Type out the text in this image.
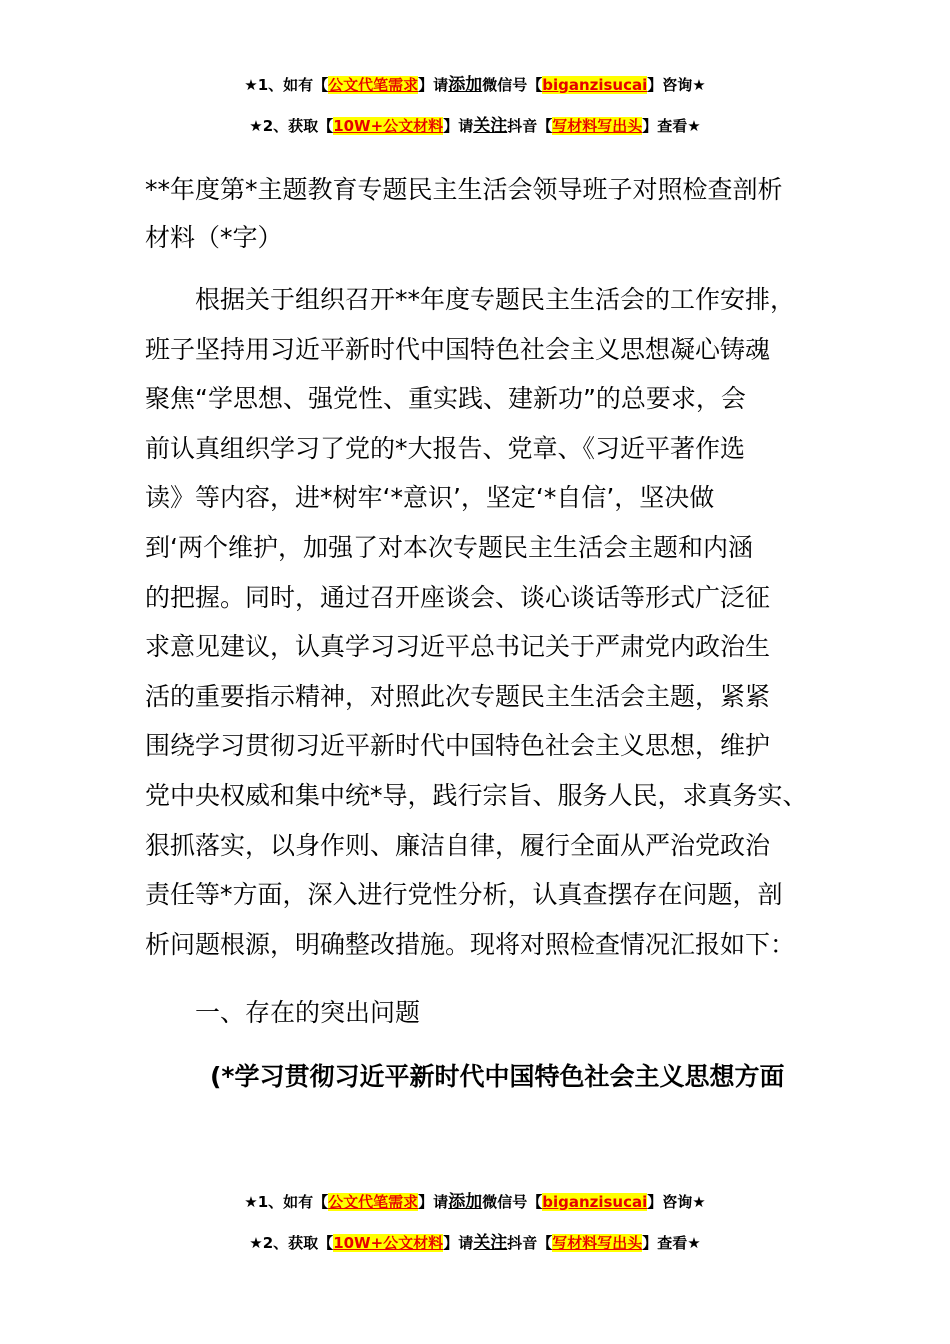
★1、如有【公文代笔需求】请添加微信号【biganzisucai】咨询★
★2、获取【10W+公文材料】请关注抖音【写材料写出头】查看★
**年度第*主题教育专题民主生活会领导班子对照检查剖析
材料（*字）
根据关于组织召开**年度专题民主生活会的工作安排，
班子坚持用习近平新时代中国特色社会主义思想凝心铸魂
聚焦“学思想、强党性、重实践、建新功”的总要求，会
前认真组织学习了党的*大报告、党章、《习近平著作选
读》等内容，进*树牢‘*意识’，坚定‘*自信’，坚决做
到‘两个维护，加强了对本次专题民主生活会主题和内涵
的把握。同时，通过召开座谈会、谈心谈话等形式广泛征
求意见建议，认真学习习近平总书记关于严肃党内政治生
活的重要指示精神，对照此次专题民主生活会主题，紧紧
围绕学习贯彻习近平新时代中国特色社会主义思想，维护
党中央权威和集中统*导，践行宗旨、服务人民，求真务实、
狠抓落实，以身作则、廉洁自律，履行全面从严治党政治
责任等*方面，深入进行党性分析，认真查摆存在问题，剖
析问题根源，明确整改措施。现将对照检查情况汇报如下：
一、存在的突出问题
(*学习贯彻习近平新时代中国特色社会主义思想方面
★1、如有【公文代笔需求】请添加微信号【biganzisucai】咨询★
★2、获取【10W+公文材料】请关注抖音【写材料写出头】查看★
